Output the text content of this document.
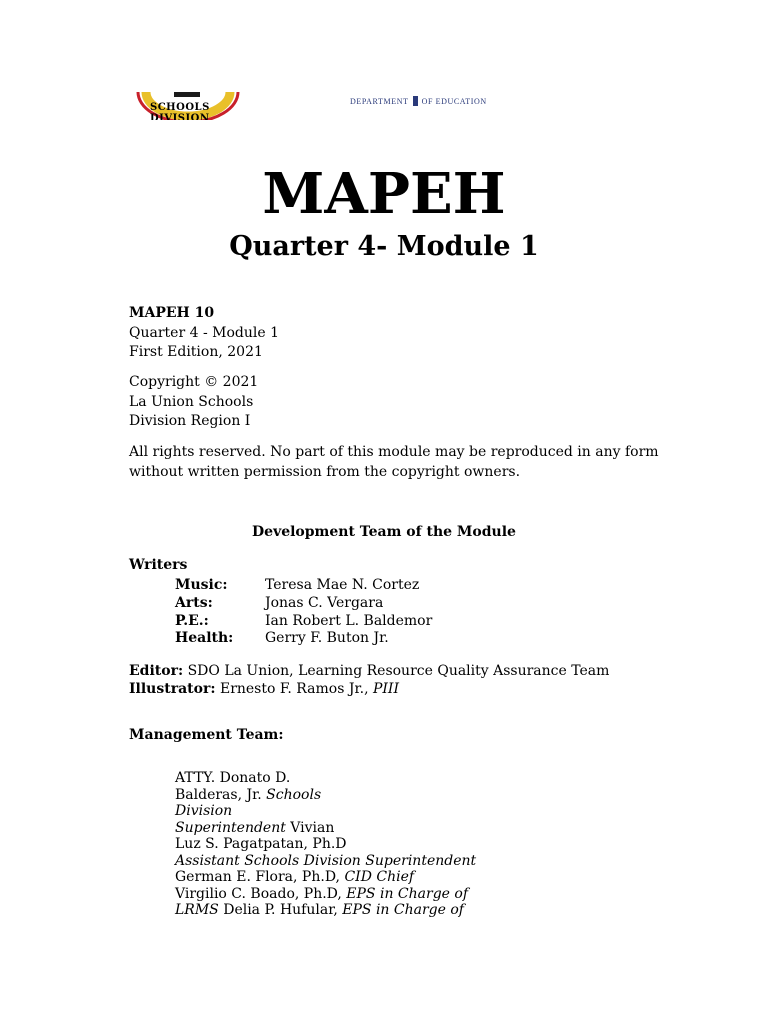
SCHOOLS DIVISION
DEPARTMENT OF EDUCATION
MAPEH
Quarter 4- Module 1
MAPEH 10
Quarter 4 - Module 1
First Edition, 2021
Copyright © 2021
La Union Schools
Division Region I
All rights reserved. No part of this module may be reproduced in any form
without written permission from the copyright owners.
Development Team of the Module
Writers
Music:	Teresa Mae N. Cortez
Arts:	Jonas C. Vergara
P.E.:	Ian Robert L. Baldemor
Health: Gerry F. Buton Jr.
Editor: SDO La Union, Learning Resource Quality Assurance Team
Illustrator: Ernesto F. Ramos Jr., PIII
Management Team:
ATTY. Donato D.
Balderas, Jr. Schools
Division
Superintendent Vivian
Luz S. Pagatpatan, Ph.D
Assistant Schools Division Superintendent
German E. Flora, Ph.D, CID Chief
Virgilio C. Boado, Ph.D, EPS in Charge of
LRMS Delia P. Hufular, EPS in Charge of
